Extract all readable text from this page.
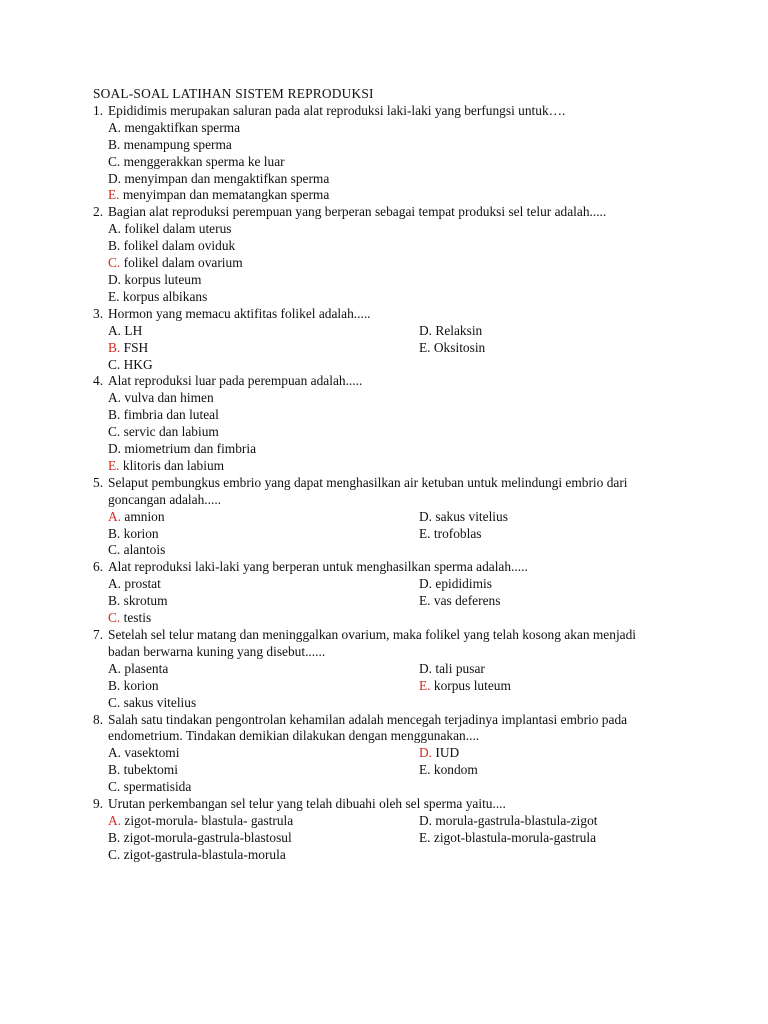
SOAL-SOAL LATIHAN SISTEM REPRODUKSI
1. Epididimis merupakan saluran pada alat reproduksi laki-laki yang berfungsi untuk….
A. mengaktifkan sperma
B. menampung sperma
C. menggerakkan sperma ke luar
D. menyimpan dan mengaktifkan sperma
E. menyimpan dan mematangkan sperma
2. Bagian alat reproduksi perempuan yang berperan sebagai tempat produksi sel telur adalah.....
A. folikel dalam uterus
B. folikel dalam oviduk
C. folikel dalam ovarium
D. korpus luteum
E. korpus albikans
3. Hormon yang memacu aktifitas folikel adalah.....
A. LH	D. Relaksin
B. FSH	E. Oksitosin
C. HKG
4. Alat reproduksi luar pada perempuan adalah.....
A. vulva dan himen
B. fimbria dan luteal
C. servic dan labium
D. miometrium dan fimbria
E. klitoris dan labium
5. Selaput pembungkus embrio yang dapat menghasilkan air ketuban untuk melindungi embrio dari goncangan adalah.....
A. amnion	D. sakus vitelius
B. korion	E. trofoblas
C. alantois
6. Alat reproduksi laki-laki yang berperan untuk menghasilkan sperma adalah.....
A. prostat	D. epididimis
B. skrotum	E. vas deferens
C. testis
7. Setelah sel telur matang dan meninggalkan ovarium, maka folikel yang telah kosong akan menjadi badan berwarna kuning yang disebut......
A. plasenta	D. tali pusar
B. korion	E. korpus luteum
C. sakus vitelius
8. Salah satu tindakan pengontrolan kehamilan adalah mencegah terjadinya implantasi embrio pada endometrium. Tindakan demikian dilakukan dengan menggunakan....
A. vasektomi	D. IUD
B. tubektomi	E. kondom
C. spermatisida
9. Urutan perkembangan sel telur yang telah dibuahi oleh sel sperma yaitu....
A. zigot-morula- blastula- gastrula	D. morula-gastrula-blastula-zigot
B. zigot-morula-gastrula-blastosul	E. zigot-blastula-morula-gastrula
C. zigot-gastrula-blastula-morula
